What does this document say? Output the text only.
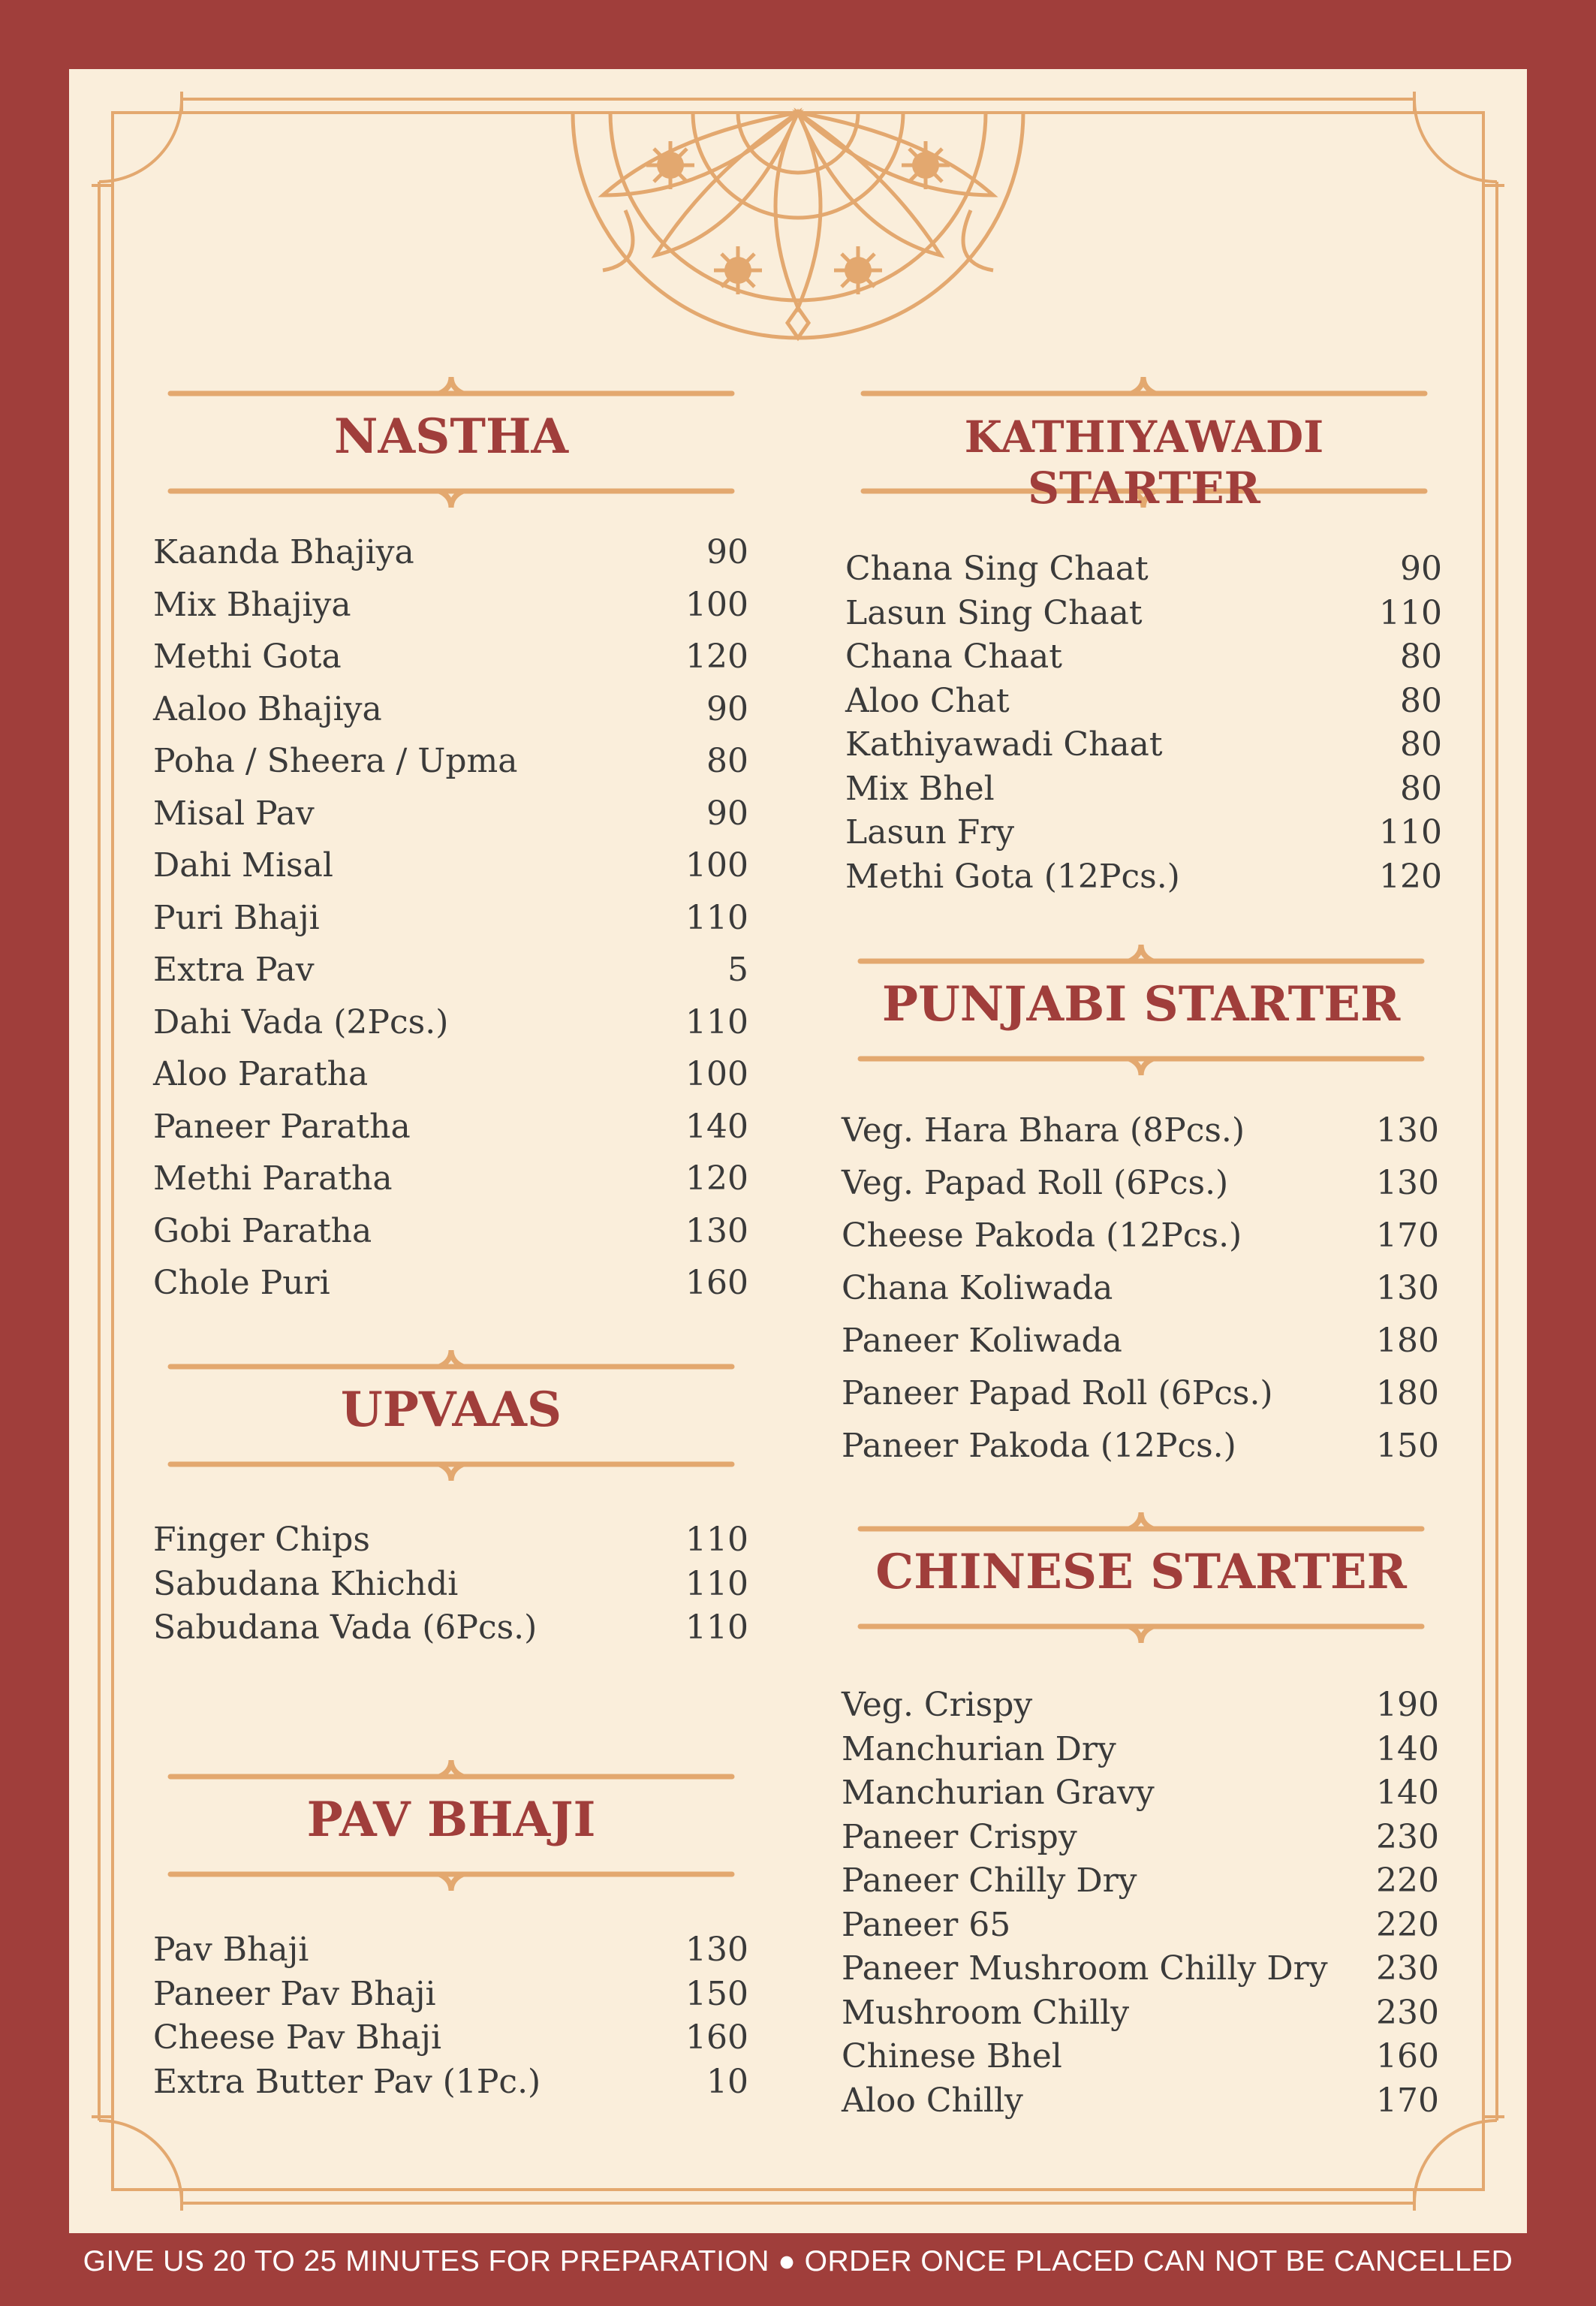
NASTHA
Kaanda Bhajiya	90
Mix Bhajiya	100
Methi Gota	120
Aaloo Bhajiya	90
Poha / Sheera / Upma	80
Misal Pav	90
Dahi Misal	100
Puri Bhaji	110
Extra Pav	5
Dahi Vada (2Pcs.)	110
Aloo Paratha	100
Paneer Paratha	140
Methi Paratha	120
Gobi Paratha	130
Chole Puri	160
UPVAAS
Finger Chips	110
Sabudana Khichdi	110
Sabudana Vada (6Pcs.)	110
PAV BHAJI
Pav Bhaji	130
Paneer Pav Bhaji	150
Cheese Pav Bhaji	160
Extra Butter Pav (1Pc.)	10
KATHIYAWADI STARTER
Chana Sing Chaat	90
Lasun Sing Chaat	110
Chana Chaat	80
Aloo Chat	80
Kathiyawadi Chaat	80
Mix Bhel	80
Lasun Fry	110
Methi Gota (12Pcs.)	120
PUNJABI STARTER
Veg. Hara Bhara (8Pcs.)	130
Veg. Papad Roll (6Pcs.)	130
Cheese Pakoda (12Pcs.)	170
Chana Koliwada	130
Paneer Koliwada	180
Paneer Papad Roll (6Pcs.)	180
Paneer Pakoda (12Pcs.)	150
CHINESE STARTER
Veg. Crispy	190
Manchurian Dry	140
Manchurian Gravy	140
Paneer Crispy	230
Paneer Chilly Dry	220
Paneer 65	220
Paneer Mushroom Chilly Dry 230
Mushroom Chilly	230
Chinese Bhel	160
Aloo Chilly	170
GIVE US 20 TO 25 MINUTES FOR PREPARATION ● ORDER ONCE PLACED CAN NOT BE CANCELLED
